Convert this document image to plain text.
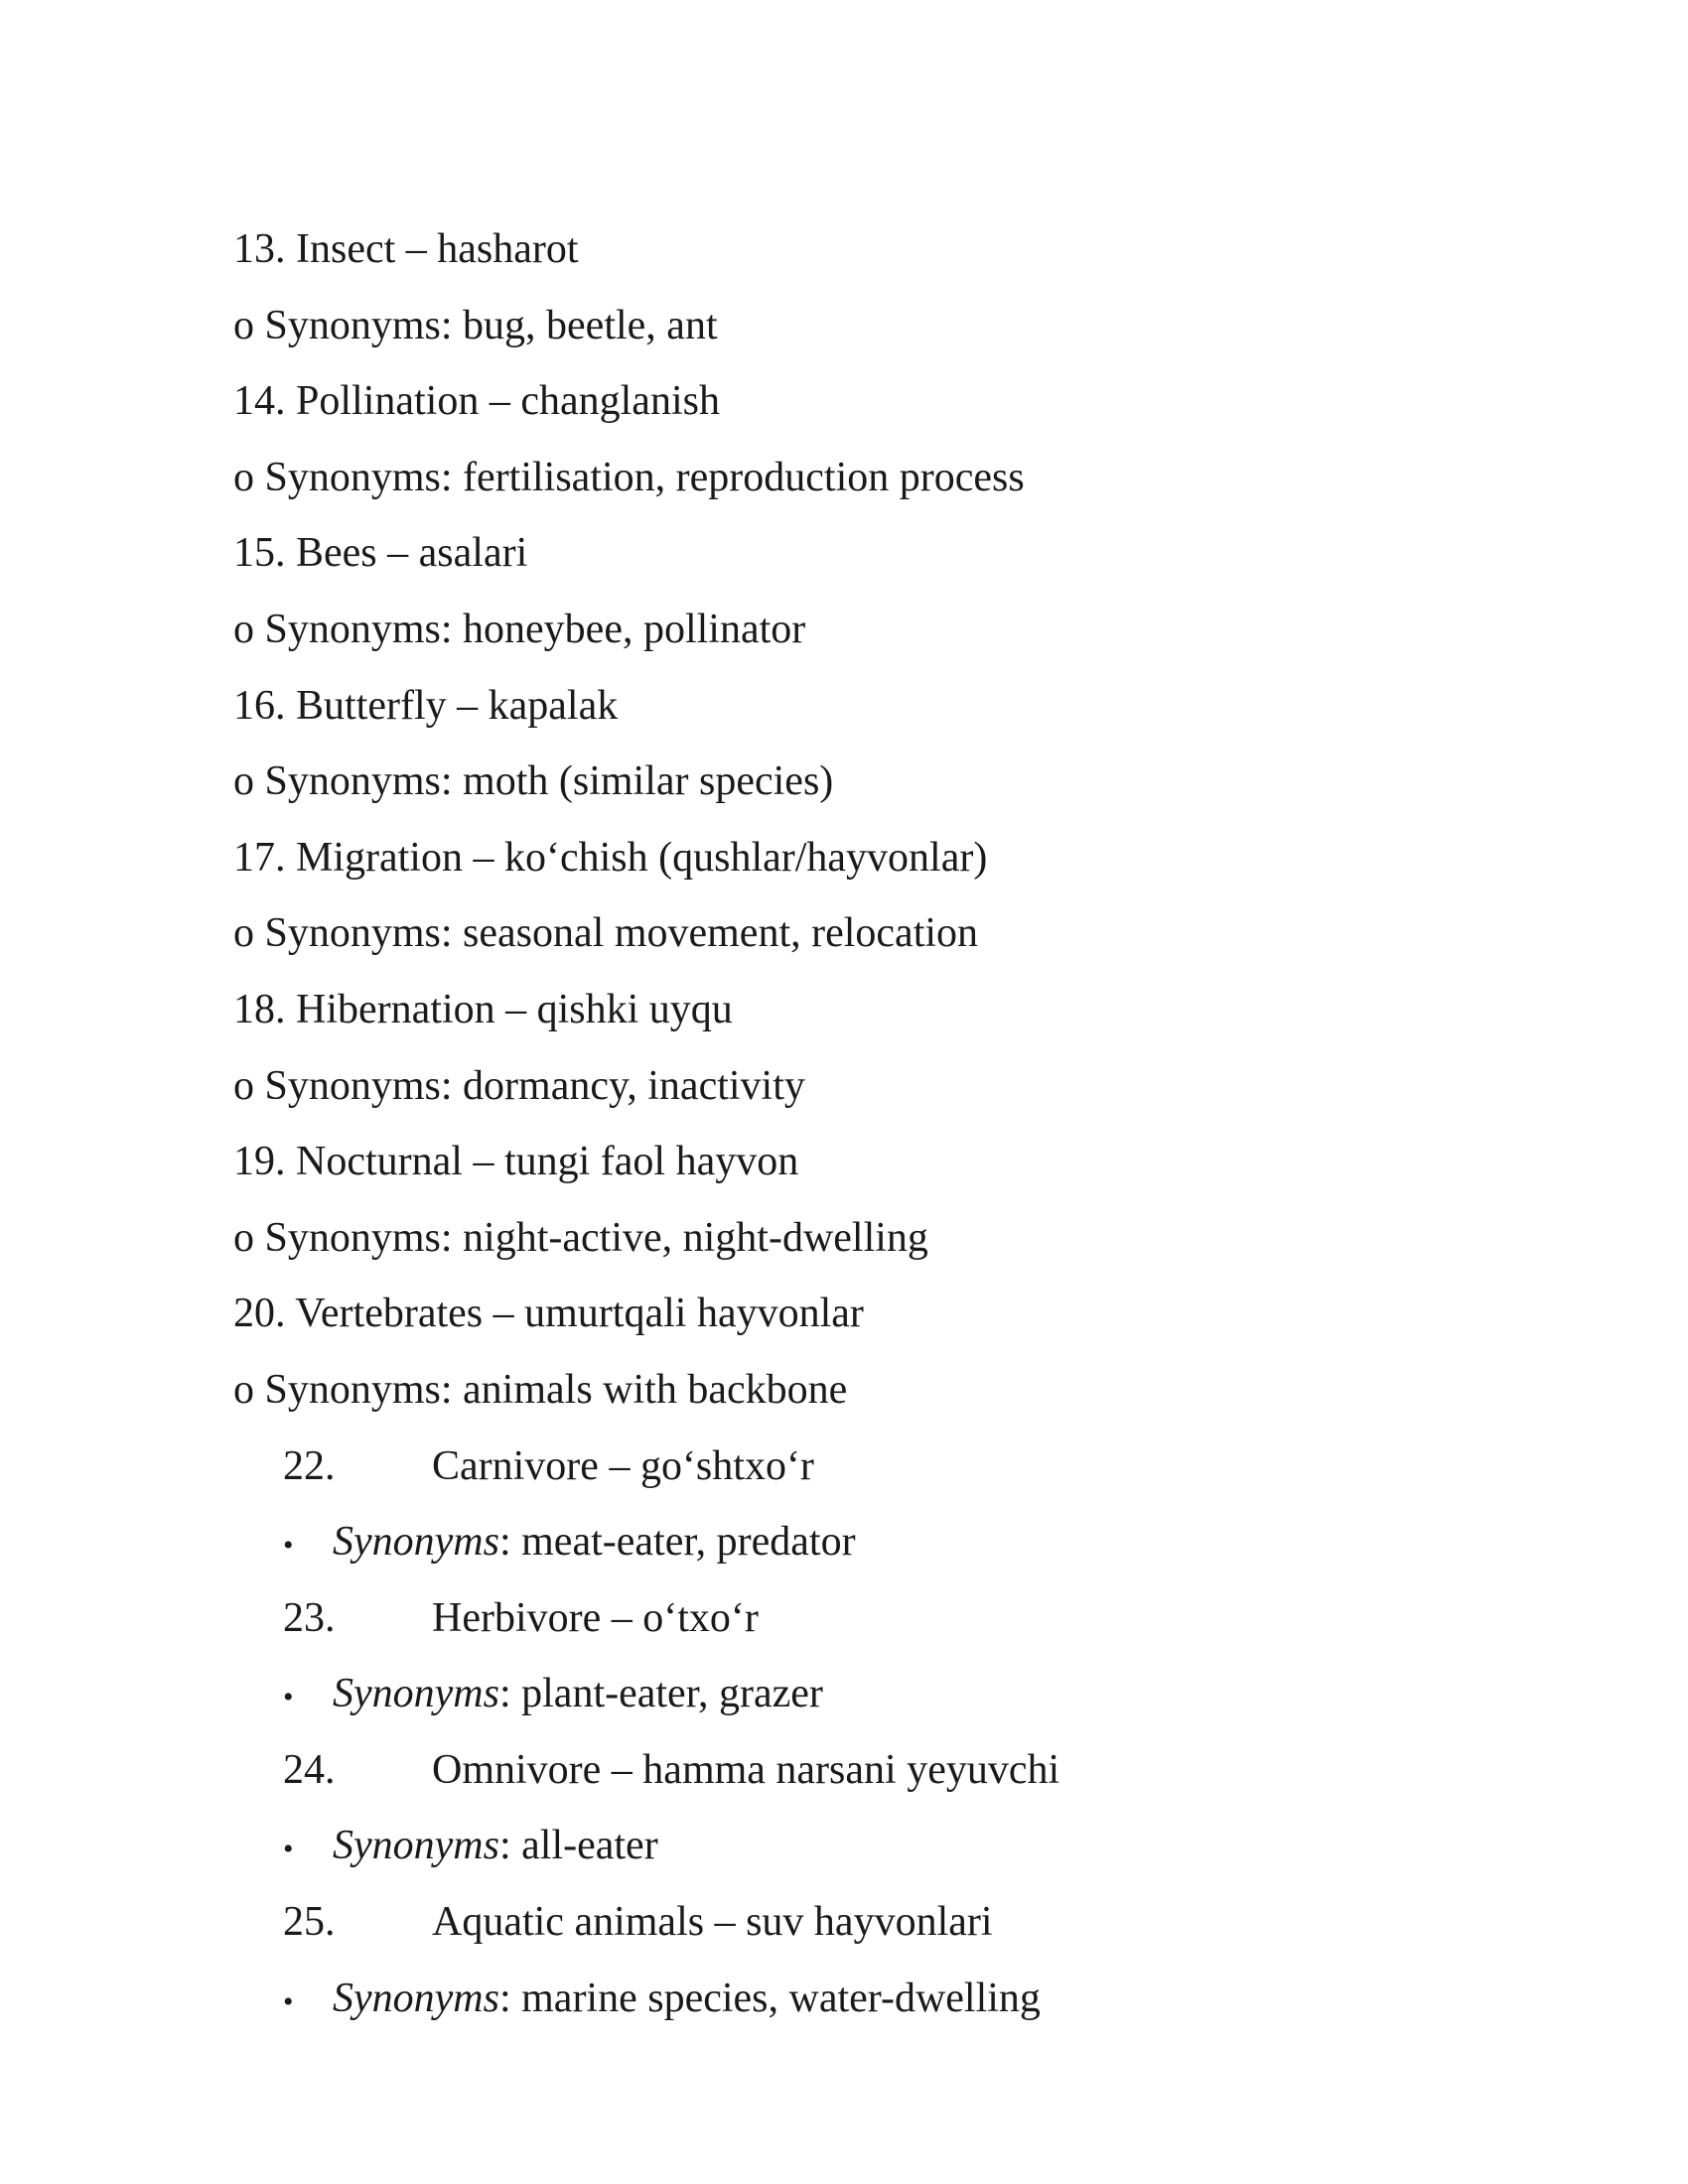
13. Insect – hasharot
o Synonyms: bug, beetle, ant
14. Pollination – changlanish
o Synonyms: fertilisation, reproduction process
15. Bees – asalari
o Synonyms: honeybee, pollinator
16. Butterfly – kapalak
o Synonyms: moth (similar species)
17. Migration – ko‘chish (qushlar/hayvonlar)
o Synonyms: seasonal movement, relocation
18. Hibernation – qishki uyqu
o Synonyms: dormancy, inactivity
19. Nocturnal – tungi faol hayvon
o Synonyms: night-active, night-dwelling
20. Vertebrates – umurtqali hayvonlar
o Synonyms: animals with backbone
22. Carnivore – go‘shtxo‘r
• Synonyms: meat-eater, predator
23. Herbivore – o‘txo‘r
• Synonyms: plant-eater, grazer
24. Omnivore – hamma narsani yeyuvchi
• Synonyms: all-eater
25. Aquatic animals – suv hayvonlari
• Synonyms: marine species, water-dwelling
